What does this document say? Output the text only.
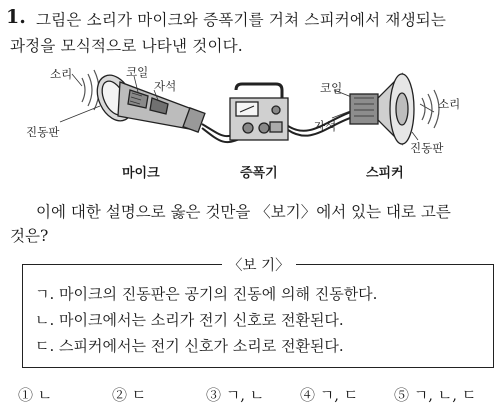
1. 그림은 소리가 마이크와 증폭기를 거쳐 스피커에서 재생되는
과정을 모식적으로 나타낸 것이다.
소리	코일
자석
진동판
코일
자석
소리
진동판
마이크	증폭기	스피커
이에 대한 설명으로 옳은 것만을 〈보기〉에서 있는 대로 고른
것은?
ㄱ. 마이크의 진동판은 공기의 진동에 의해 진동한다.
ㄴ. 마이크에서는 소리가 전기 신호로 전환된다.
ㄷ. 스피커에서는 전기 신호가 소리로 전환된다.
〈보 기〉
① ㄴ	② ㄷ	③ ㄱ, ㄴ ④ ㄱ, ㄷ ⑤ ㄱ, ㄴ, ㄷ
